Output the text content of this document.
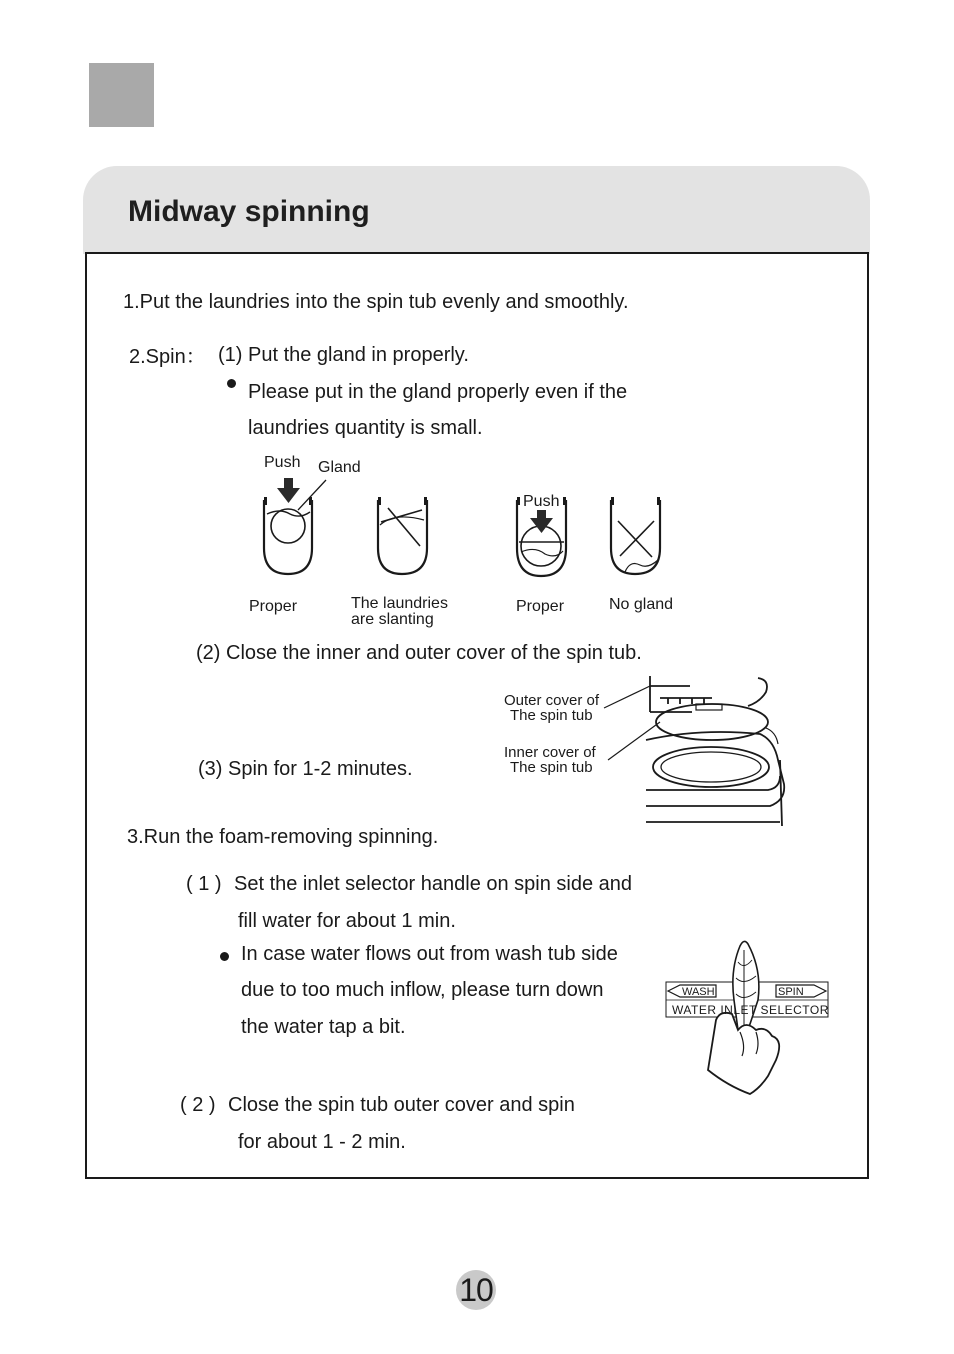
Midway spinning
1.Put the laundries into the spin tub evenly and smoothly.
2.Spin： (1) Put the gland in properly.
Please put in the gland properly even if the
laundries quantity is small.
Push Gland
Push
Proper	The laundries
are slanting
Proper	No gland
(2) Close the inner and outer cover of the spin tub.
(3) Spin for 1-2 minutes.
Outer cover of
The spin tub
Inner cover of
The spin tub
3.Run the foam-removing spinning.
( 1 ) Set the inlet selector handle on spin side and
fill water for about 1 min.
In case water flows out from wash tub side
due to too much inflow, please turn down
the water tap a bit.
WASH	SPIN
WATER INLET SELECTOR
( 2 ) Close the spin tub outer cover and spin
for about 1 - 2 min.
10
